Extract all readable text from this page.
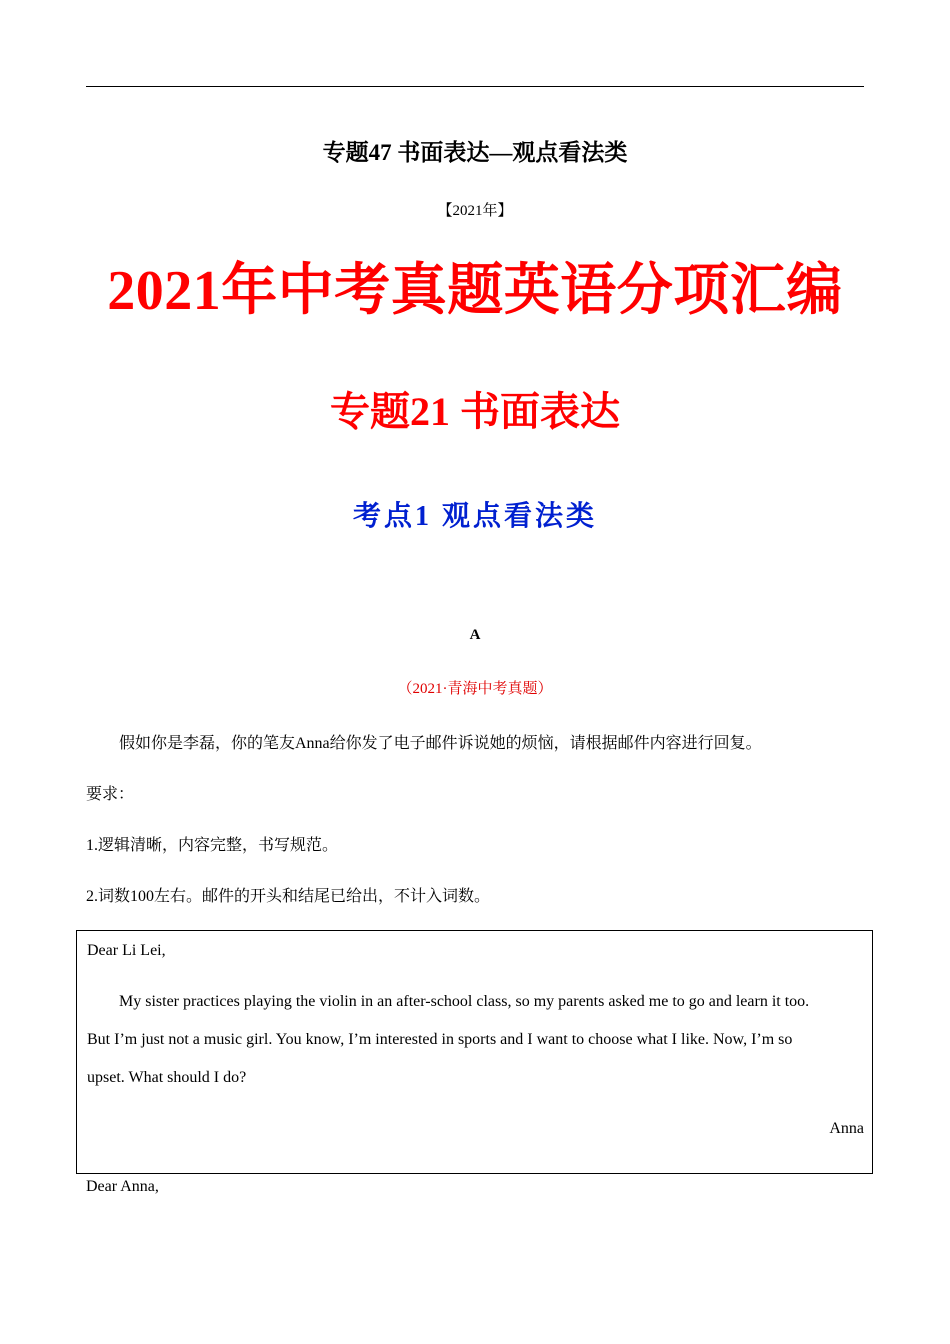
专题47 书面表达—观点看法类
【2021年】
2021年中考真题英语分项汇编
专题21 书面表达
考点1 观点看法类
A
（2021·青海中考真题）
假如你是李磊，你的笔友Anna给你发了电子邮件诉说她的烦恼，请根据邮件内容进行回复。
要求：
1.逻辑清晰，内容完整，书写规范。
2.词数100左右。邮件的开头和结尾已给出，不计入词数。
Dear Li Lei,
My sister practices playing the violin in an after-school class, so my parents asked me to go and learn it too.
But I’m just not a music girl. You know, I’m interested in sports and I want to choose what I like. Now, I’m so
upset. What should I do?
Anna
Dear Anna,
